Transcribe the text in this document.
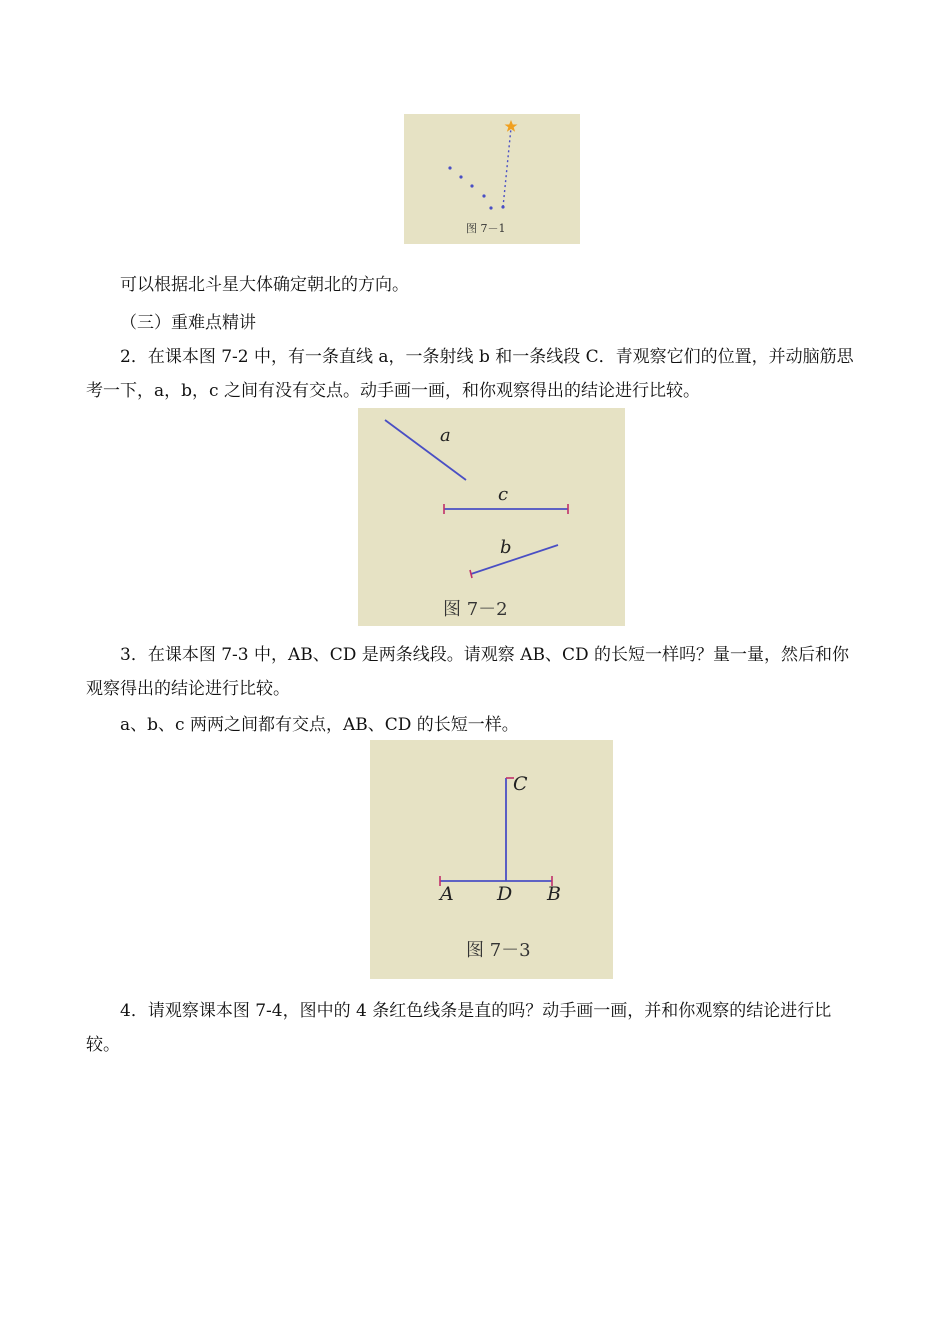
图 7－1

可以根据北斗星大体确定朝北的方向。

（三）重难点精讲

2．在课本图 7-2 中，有一条直线 a，一条射线 b 和一条线段 C．青观察它们的位置，并动脑筋思考一下，a，b，c 之间有没有交点。动手画一画，和你观察得出的结论进行比较。

a
c
b
图 7－2

3．在课本图 7-3 中，AB、CD 是两条线段。请观察 AB、CD 的长短一样吗？量一量，然后和你观察得出的结论进行比较。

a、b、c 两两之间都有交点，AB、CD 的长短一样。

C
A D B
图 7－3

4．请观察课本图 7-4，图中的 4 条红色线条是直的吗？动手画一画，并和你观察的结论进行比较。
